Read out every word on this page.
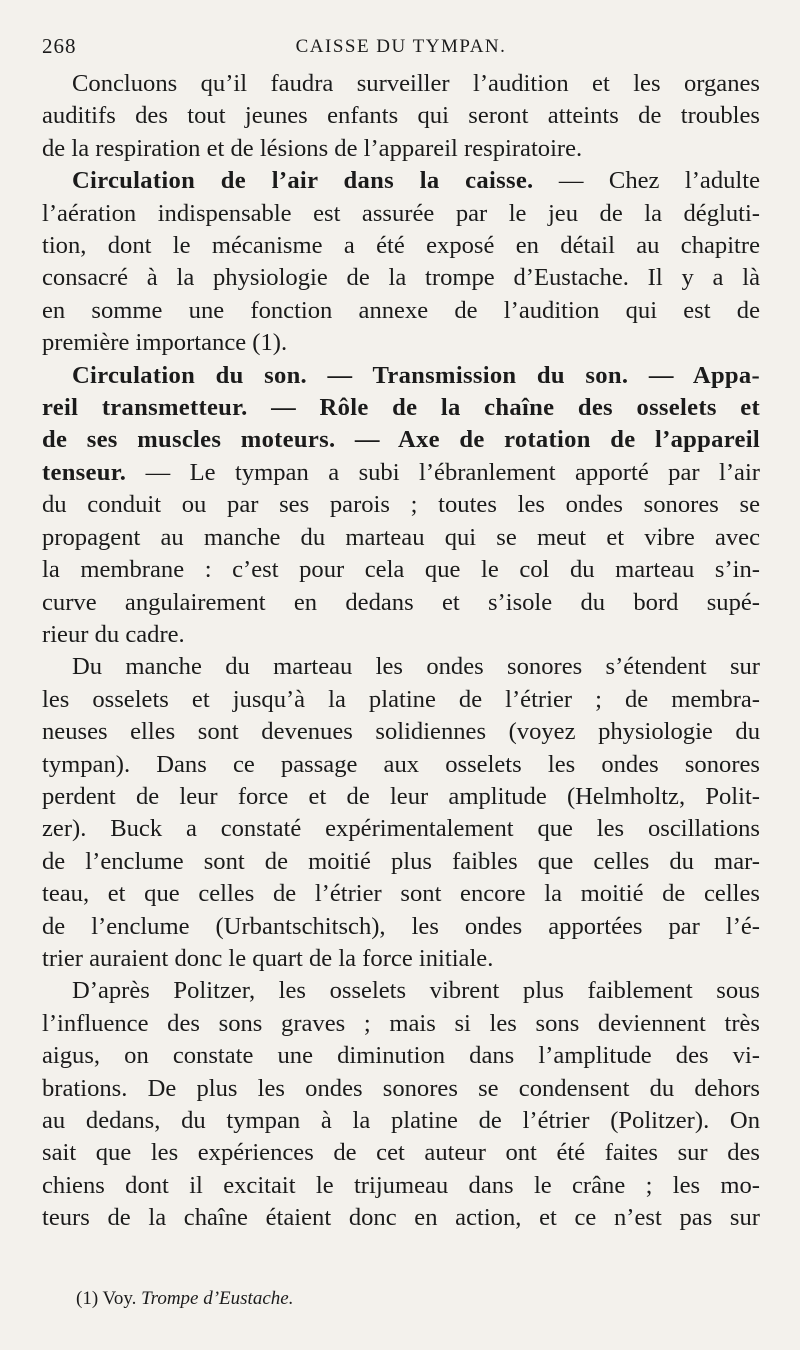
268	CAISSE DU TYMPAN.

Concluons qu’il faudra surveiller l’audition et les organes
auditifs des tout jeunes enfants qui seront atteints de troubles
de la respiration et de lésions de l’appareil respiratoire.

Circulation de l’air dans la caisse. — Chez l’adulte
l’aération indispensable est assurée par le jeu de la dégluti-
tion, dont le mécanisme a été exposé en détail au chapitre
consacré à la physiologie de la trompe d’Eustache. Il y a là
en somme une fonction annexe de l’audition qui est de
première importance (1).

Circulation du son. — Transmission du son. — Appa-
reil transmetteur. — Rôle de la chaîne des osselets et
de ses muscles moteurs. — Axe de rotation de l’appareil
tenseur. — Le tympan a subi l’ébranlement apporté par l’air
du conduit ou par ses parois ; toutes les ondes sonores se
propagent au manche du marteau qui se meut et vibre avec
la membrane : c’est pour cela que le col du marteau s’in-
curve angulairement en dedans et s’isole du bord supé-
rieur du cadre.

Du manche du marteau les ondes sonores s’étendent sur
les osselets et jusqu’à la platine de l’étrier ; de membra-
neuses elles sont devenues solidiennes (voyez physiologie du
tympan). Dans ce passage aux osselets les ondes sonores
perdent de leur force et de leur amplitude (Helmholtz, Polit-
zer). Buck a constaté expérimentalement que les oscillations
de l’enclume sont de moitié plus faibles que celles du mar-
teau, et que celles de l’étrier sont encore la moitié de celles
de l’enclume (Urbantschitsch), les ondes apportées par l’é-
trier auraient donc le quart de la force initiale.

D’après Politzer, les osselets vibrent plus faiblement sous
l’influence des sons graves ; mais si les sons deviennent très
aigus, on constate une diminution dans l’amplitude des vi-
brations. De plus les ondes sonores se condensent du dehors
au dedans, du tympan à la platine de l’étrier (Politzer). On
sait que les expériences de cet auteur ont été faites sur des
chiens dont il excitait le trijumeau dans le crâne ; les mo-
teurs de la chaîne étaient donc en action, et ce n’est pas sur

(1) Voy. Trompe d’Eustache.
